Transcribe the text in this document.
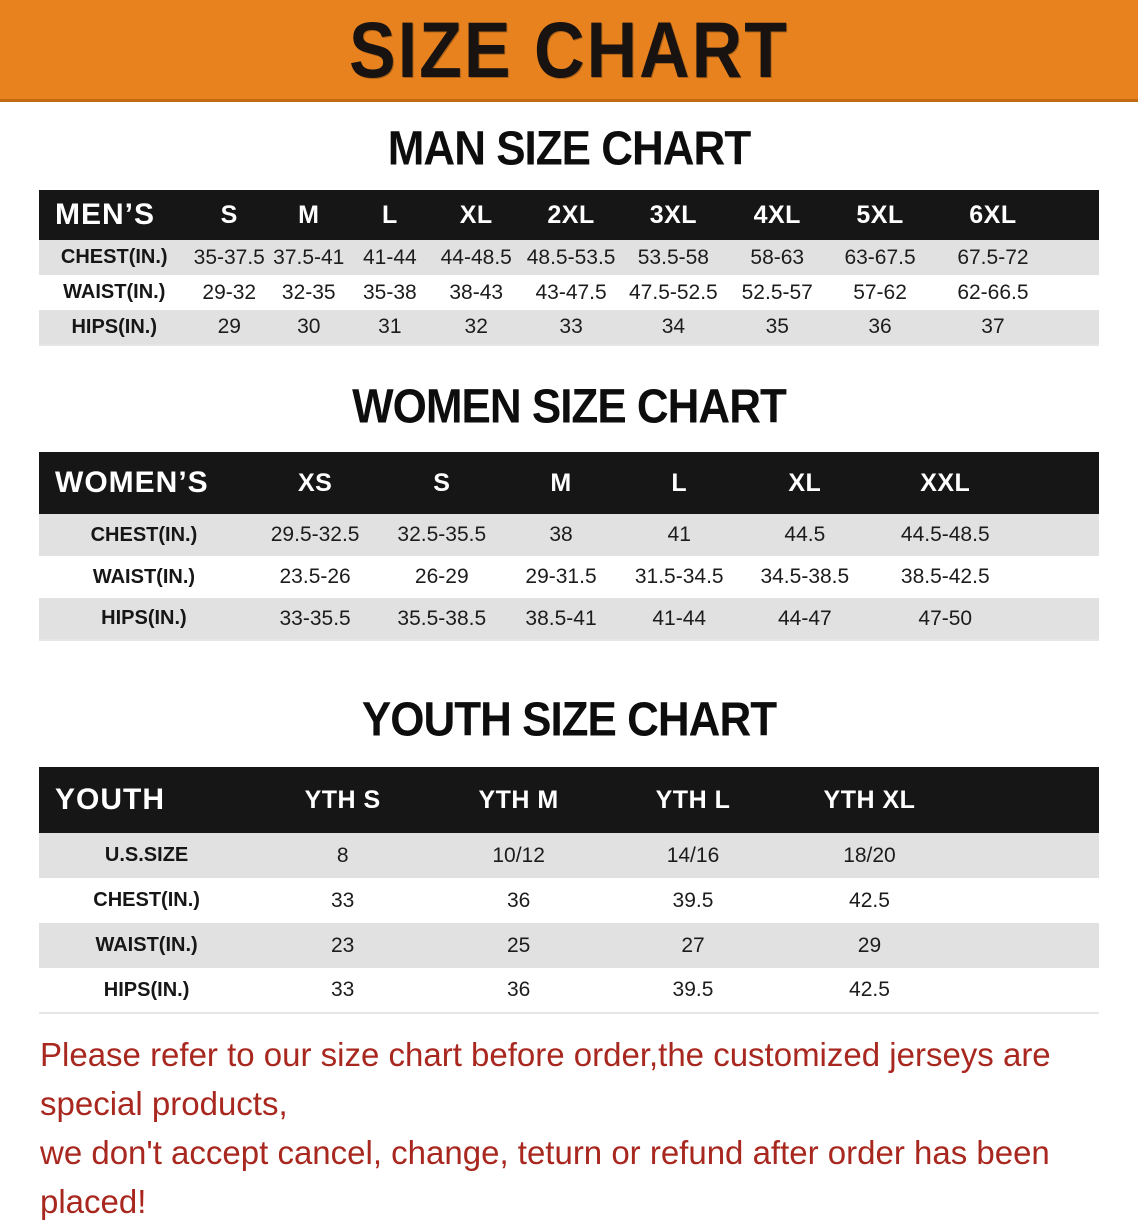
SIZE CHART
MAN SIZE CHART
MEN’S	S	M	L	XL	2XL	3XL	4XL	5XL	6XL	
CHEST(IN.)	35-37.5	37.5-41	41-44	44-48.5	48.5-53.5	53.5-58	58-63	63-67.5	67.5-72	
WAIST(IN.)	29-32	32-35	35-38	38-43	43-47.5	47.5-52.5	52.5-57	57-62	62-66.5	
HIPS(IN.)	29	30	31	32	33	34	35	36	37	
WOMEN SIZE CHART
WOMEN’S	XS	S	M	L	XL	XXL	
CHEST(IN.)	29.5-32.5	32.5-35.5	38	41	44.5	44.5-48.5	
WAIST(IN.)	23.5-26	26-29	29-31.5	31.5-34.5	34.5-38.5	38.5-42.5	
HIPS(IN.)	33-35.5	35.5-38.5	38.5-41	41-44	44-47	47-50	
YOUTH SIZE CHART
YOUTH	YTH S	YTH M	YTH L	YTH XL	
U.S.SIZE	8	10/12	14/16	18/20	
CHEST(IN.)	33	36	39.5	42.5	
WAIST(IN.)	23	25	27	29	
HIPS(IN.)	33	36	39.5	42.5	

Please refer to our size chart before order,the customized jerseys are special products,

we don't accept cancel, change, teturn or refund after order has been placed!
